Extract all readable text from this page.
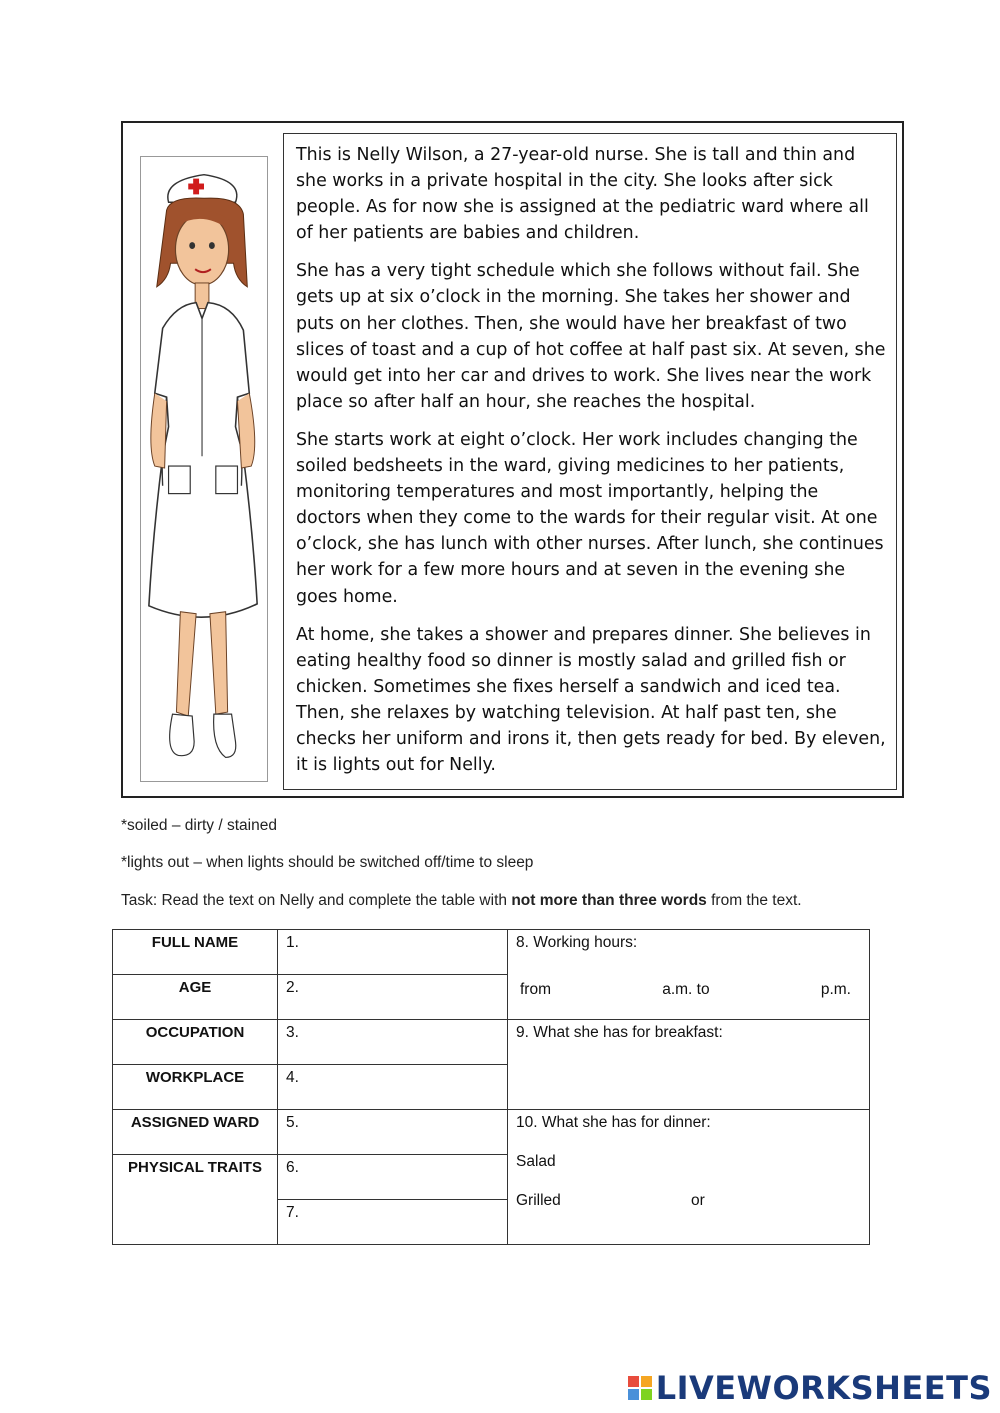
This is Nelly Wilson, a 27-year-old nurse. She is tall and thin and she works in a private hospital in the city. She looks after sick people. As for now she is assigned at the pediatric ward where all of her patients are babies and children.

She has a very tight schedule which she follows without fail. She gets up at six o’clock in the morning. She takes her shower and puts on her clothes. Then, she would have her breakfast of two slices of toast and a cup of hot coffee at half past six. At seven, she would get into her car and drives to work. She lives near the work place so after half an hour, she reaches the hospital.

She starts work at eight o’clock. Her work includes changing the soiled bedsheets in the ward, giving medicines to her patients, monitoring temperatures and most importantly, helping the doctors when they come to the wards for their regular visit. At one o’clock, she has lunch with other nurses. After lunch, she continues her work for a few more hours and at seven in the evening she goes home.

At home, she takes a shower and prepares dinner. She believes in eating healthy food so dinner is mostly salad and grilled fish or chicken. Sometimes she fixes herself a sandwich and iced tea. Then, she relaxes by watching television. At half past ten, she checks her uniform and irons it, then gets ready for bed. By eleven, it is lights out for Nelly.

*soiled – dirty / stained
*lights out – when lights should be switched off/time to sleep
Task: Read the text on Nelly and complete the table with not more than three words from the text.
FULL NAME	1.	8. Working hours:
from a.m. to p.m.

AGE	2.	
OCCUPATION	3.	9. What she has for breakfast:

WORKPLACE	4.	
ASSIGNED WARD	5.	10. What she has for dinner:
Salad
Grilled or

PHYSICAL TRAITS	6.	
	7.	
LIVEWORKSHEETS
